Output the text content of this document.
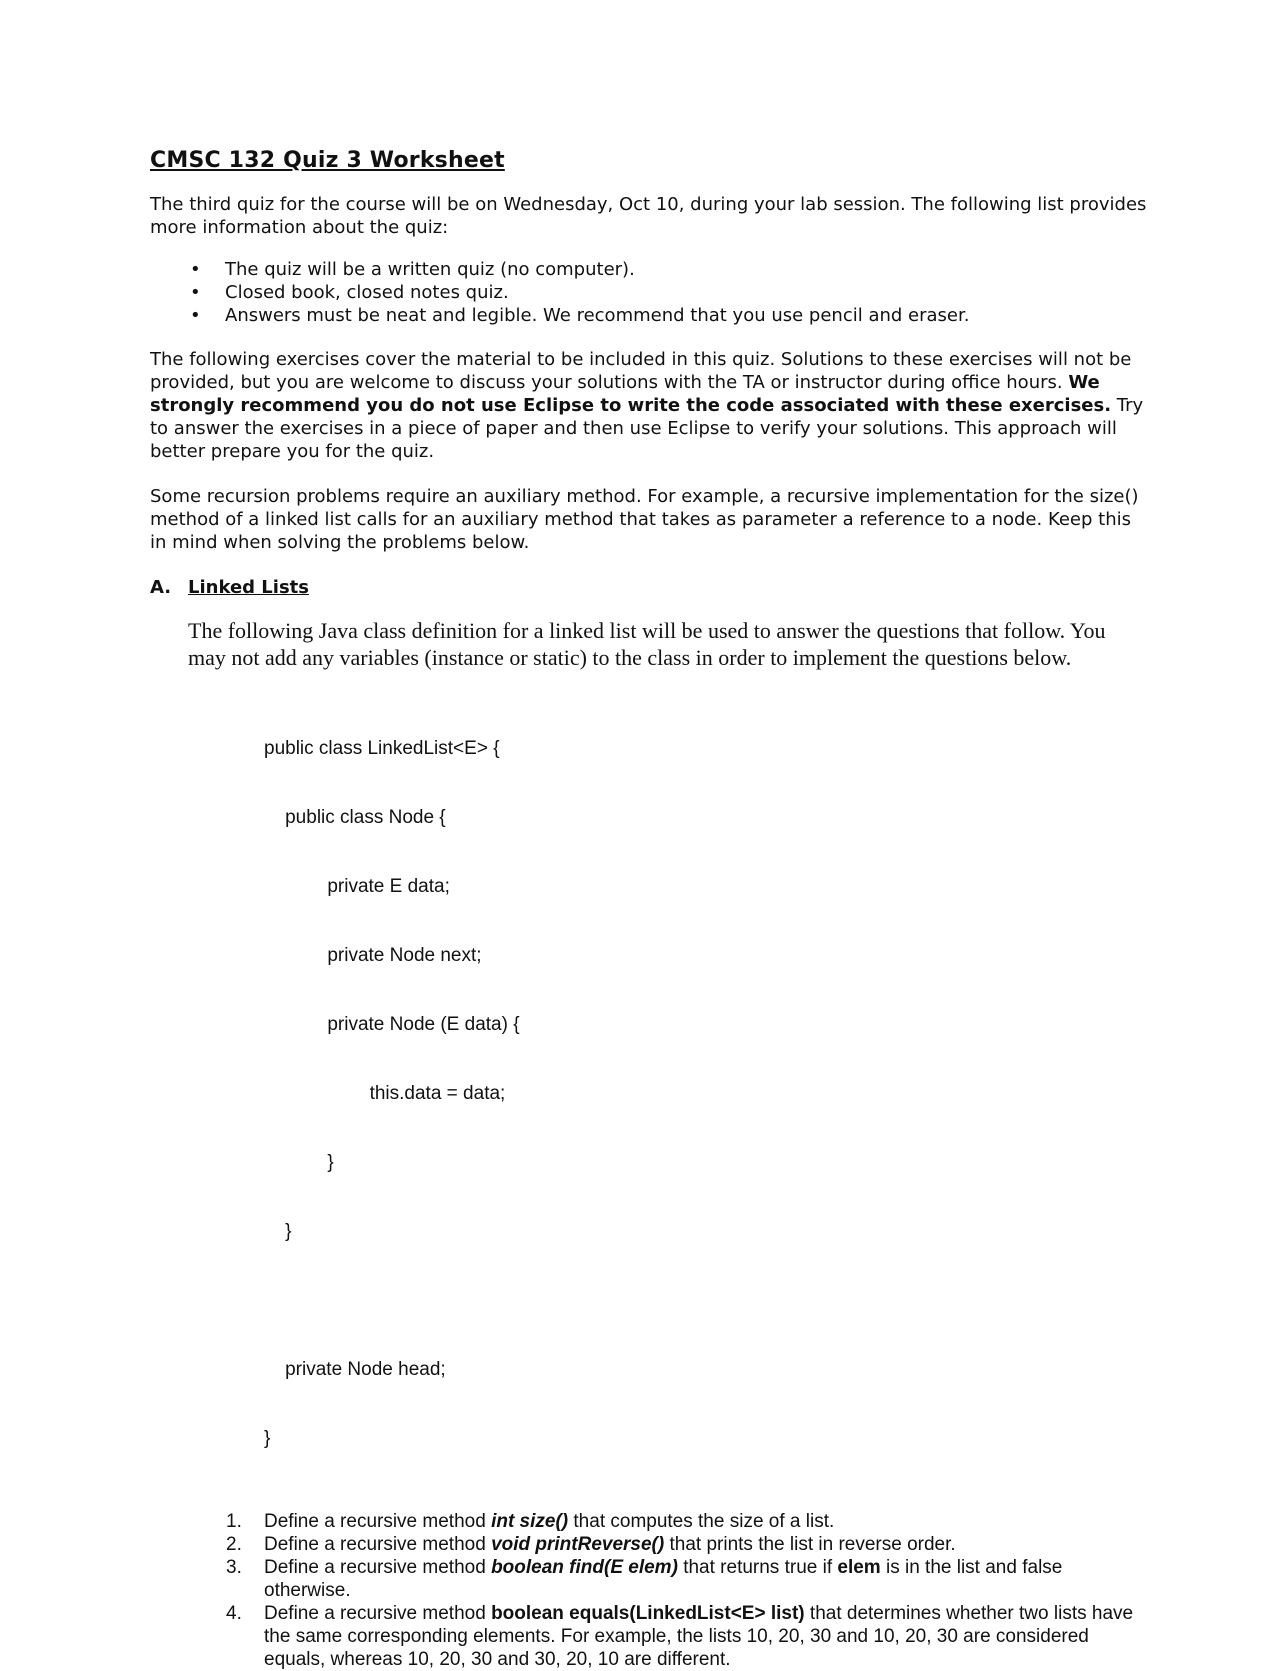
CMSC 132 Quiz 3 Worksheet

The third quiz for the course will be on Wednesday, Oct 10, during your lab session. The following list provides more information about the quiz:

• The quiz will be a written quiz (no computer).
• Closed book, closed notes quiz.
• Answers must be neat and legible. We recommend that you use pencil and eraser.

The following exercises cover the material to be included in this quiz. Solutions to these exercises will not be provided, but you are welcome to discuss your solutions with the TA or instructor during office hours. We strongly recommend you do not use Eclipse to write the code associated with these exercises. Try to answer the exercises in a piece of paper and then use Eclipse to verify your solutions. This approach will better prepare you for the quiz.

Some recursion problems require an auxiliary method. For example, a recursive implementation for the size() method of a linked list calls for an auxiliary method that takes as parameter a reference to a node. Keep this in mind when solving the problems below.

A. Linked Lists

The following Java class definition for a linked list will be used to answer the questions that follow. You may not add any variables (instance or static) to the class in order to implement the questions below.

public class LinkedList<E> {

public class Node {

private E data;

private Node next;

private Node (E data) {

this.data = data;

}

}

private Node head;

}

1. Define a recursive method int size() that computes the size of a list.
2. Define a recursive method void printReverse() that prints the list in reverse order.
3. Define a recursive method boolean find(E elem) that returns true if elem is in the list and false otherwise.
4. Define a recursive method boolean equals(LinkedList<E> list) that determines whether two lists have the same corresponding elements. For example, the lists 10, 20, 30 and 10, 20, 30 are considered equals, whereas 10, 20, 30 and 30, 20, 10 are different.
